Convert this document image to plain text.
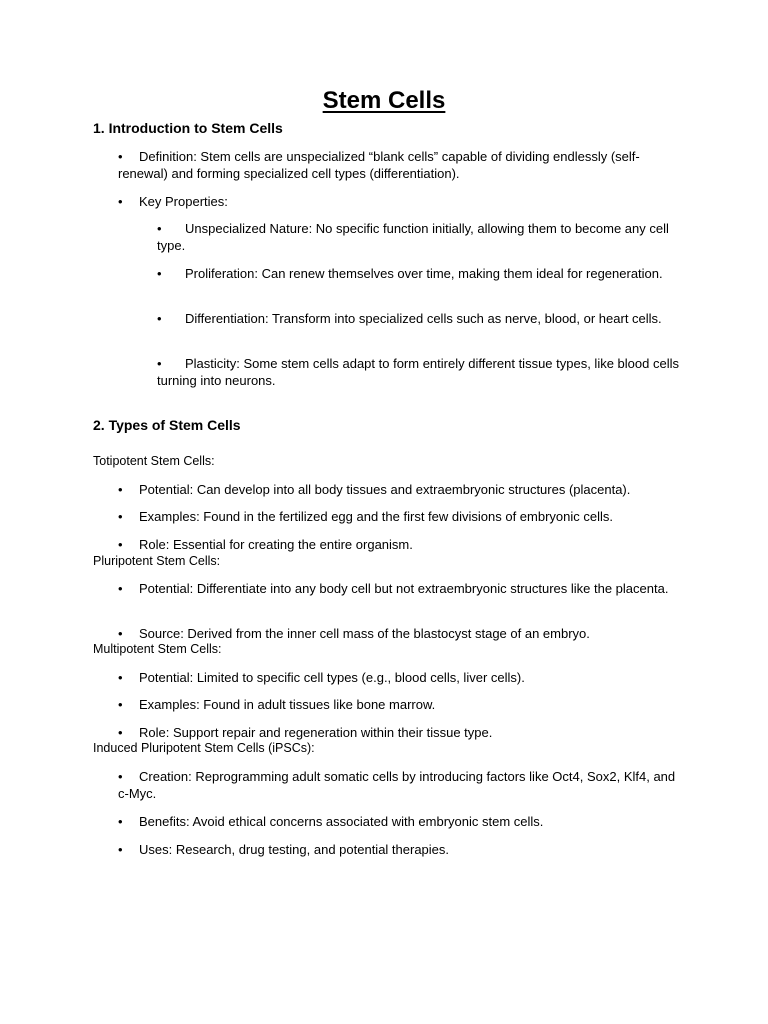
Stem Cells
1. Introduction to Stem Cells
• Definition: Stem cells are unspecialized “blank cells” capable of dividing endlessly (self-renewal) and forming specialized cell types (differentiation).
• Key Properties:
• Unspecialized Nature: No specific function initially, allowing them to become any cell type.
• Proliferation: Can renew themselves over time, making them ideal for regeneration.
• Differentiation: Transform into specialized cells such as nerve, blood, or heart cells.
• Plasticity: Some stem cells adapt to form entirely different tissue types, like blood cells turning into neurons.
2. Types of Stem Cells
Totipotent Stem Cells:
• Potential: Can develop into all body tissues and extraembryonic structures (placenta).
• Examples: Found in the fertilized egg and the first few divisions of embryonic cells.
• Role: Essential for creating the entire organism.
Pluripotent Stem Cells:
• Potential: Differentiate into any body cell but not extraembryonic structures like the placenta.
• Source: Derived from the inner cell mass of the blastocyst stage of an embryo.
Multipotent Stem Cells:
• Potential: Limited to specific cell types (e.g., blood cells, liver cells).
• Examples: Found in adult tissues like bone marrow.
• Role: Support repair and regeneration within their tissue type.
Induced Pluripotent Stem Cells (iPSCs):
• Creation: Reprogramming adult somatic cells by introducing factors like Oct4, Sox2, Klf4, and c-Myc.
• Benefits: Avoid ethical concerns associated with embryonic stem cells.
• Uses: Research, drug testing, and potential therapies.
